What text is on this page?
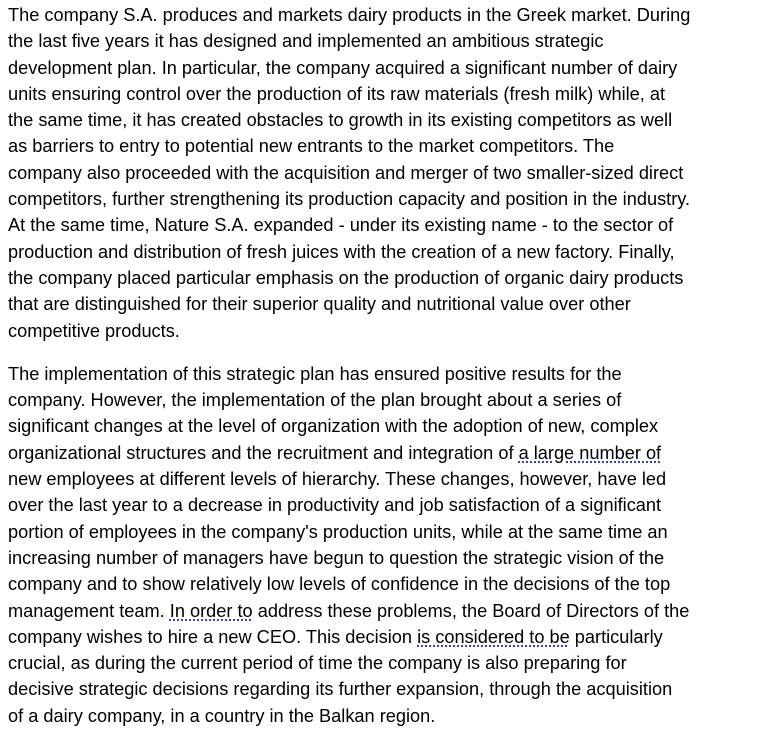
The company S.A. produces and markets dairy products in the Greek market. During
the last five years it has designed and implemented an ambitious strategic
development plan. In particular, the company acquired a significant number of dairy
units ensuring control over the production of its raw materials (fresh milk) while, at
the same time, it has created obstacles to growth in its existing competitors as well
as barriers to entry to potential new entrants to the market competitors. The
company also proceeded with the acquisition and merger of two smaller-sized direct
competitors, further strengthening its production capacity and position in the industry.
At the same time, Nature S.A. expanded - under its existing name - to the sector of
production and distribution of fresh juices with the creation of a new factory. Finally,
the company placed particular emphasis on the production of organic dairy products
that are distinguished for their superior quality and nutritional value over other
competitive products.

The implementation of this strategic plan has ensured positive results for the
company. However, the implementation of the plan brought about a series of
significant changes at the level of organization with the adoption of new, complex
organizational structures and the recruitment and integration of a large number of
new employees at different levels of hierarchy. These changes, however, have led
over the last year to a decrease in productivity and job satisfaction of a significant
portion of employees in the company's production units, while at the same time an
increasing number of managers have begun to question the strategic vision of the
company and to show relatively low levels of confidence in the decisions of the top
management team. In order to address these problems, the Board of Directors of the
company wishes to hire a new CEO. This decision is considered to be particularly
crucial, as during the current period of time the company is also preparing for
decisive strategic decisions regarding its further expansion, through the acquisition
of a dairy company, in a country in the Balkan region.
